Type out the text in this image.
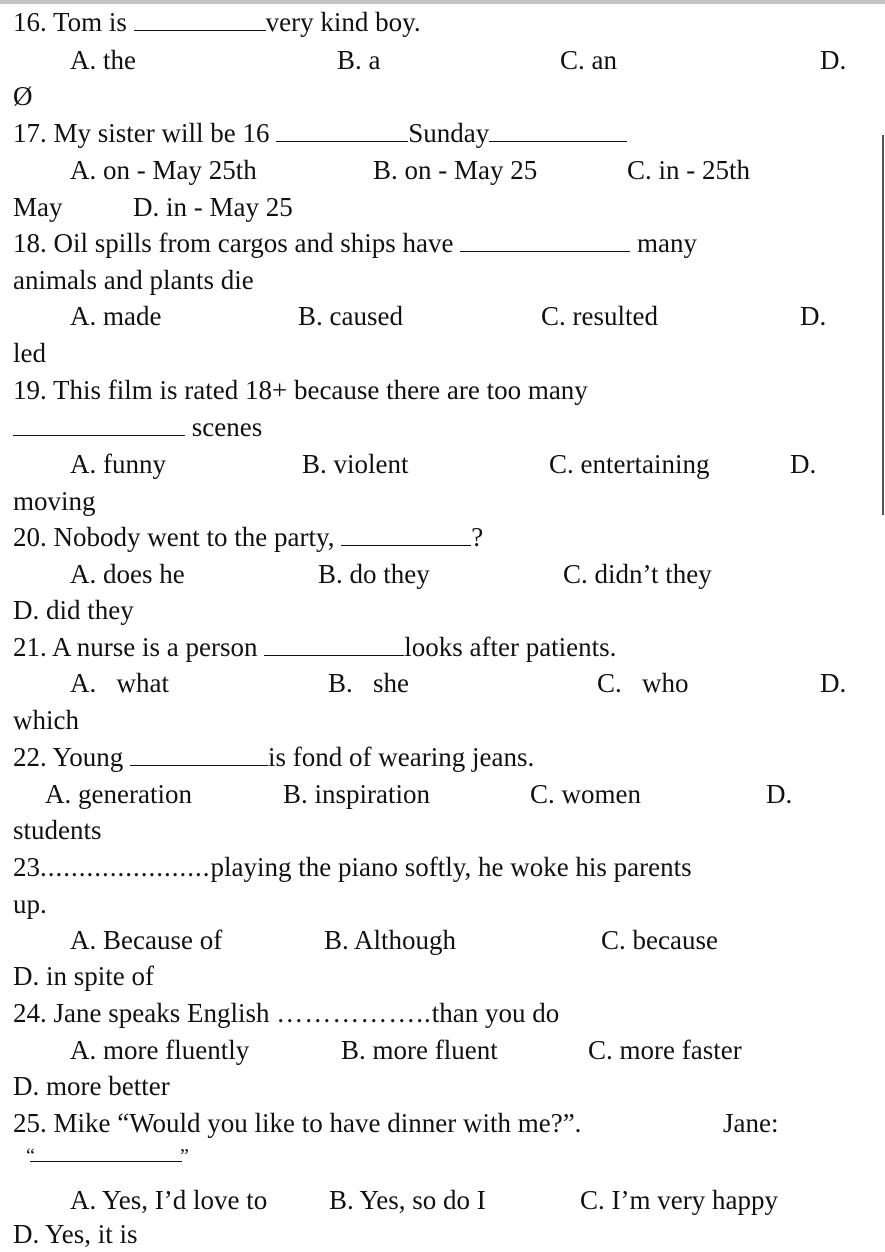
16. Tom is	very kind boy.
A. the	B. a	C. an	D.
Ø
17. My sister will be 16	Sunday
A. on - May 25th	B. on - May 25	C. in - 25th
May	D. in - May 25
18. Oil spills from cargos and ships have	many
animals and plants die
A. made	B. caused	C. resulted	D.
led
19. This film is rated 18+ because there are too many
scenes
A. funny	B. violent	C. entertaining	D.
moving
20. Nobody went to the party,	?
A. does he	B. do they	C. didn’t they
D. did they
21. A nurse is a person	looks after patients.
A.   what	B.   she	C.   who	D.
which
22. Young	is fond of wearing jeans.
A. generation	B. inspiration	C. women	D.
students
23......................playing the piano softly, he woke his parents
up.
A. Because of	B. Although	C. because
D. in spite of
24. Jane speaks English ……………..than you do
A. more fluently	B. more fluent	C. more faster
D. more better
25. Mike “Would you like to have dinner with me?”.	Jane:
“	”
A. Yes, I’d love to B. Yes, so do I	C. I’m very happy
D. Yes, it is
